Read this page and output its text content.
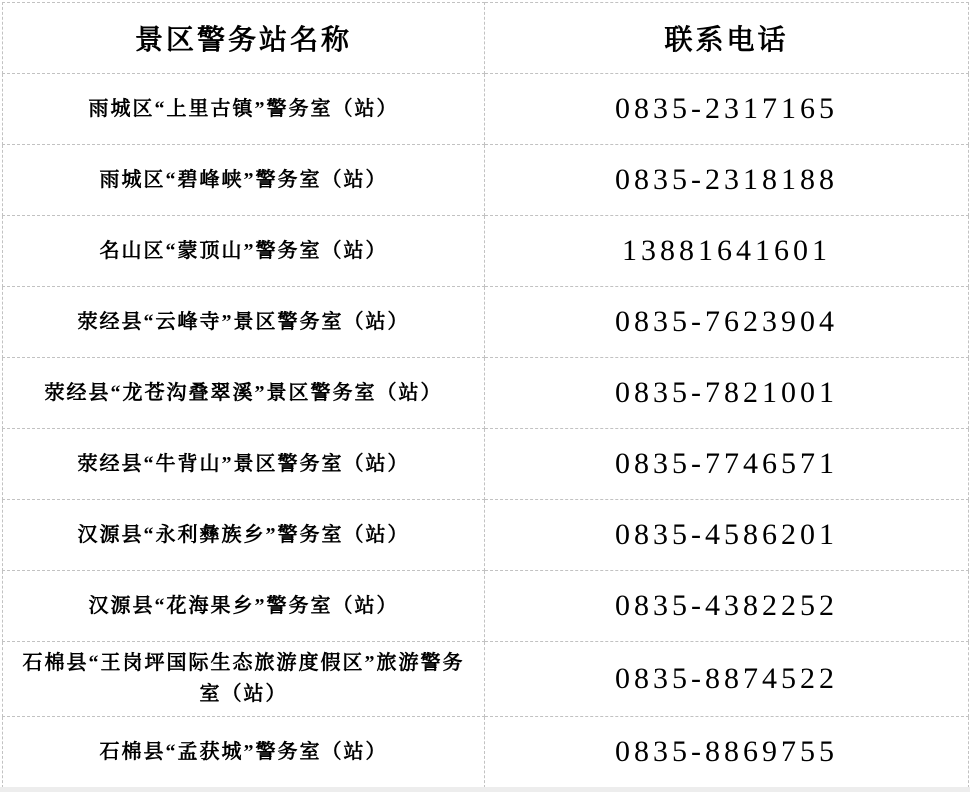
景区警务站名称	联系电话
雨城区“上里古镇”警务室（站）	0835-2317165
雨城区“碧峰峡”警务室（站）	0835-2318188
名山区“蒙顶山”警务室（站）	13881641601
荥经县“云峰寺”景区警务室（站）	0835-7623904
荥经县“龙苍沟叠翠溪”景区警务室（站）	0835-7821001
荥经县“牛背山”景区警务室（站）	0835-7746571
汉源县“永利彝族乡”警务室（站）	0835-4586201
汉源县“花海果乡”警务室（站）	0835-4382252
石棉县“王岗坪国际生态旅游度假区”旅游警务室（站）	0835-8874522
石棉县“孟获城”警务室（站）	0835-8869755
